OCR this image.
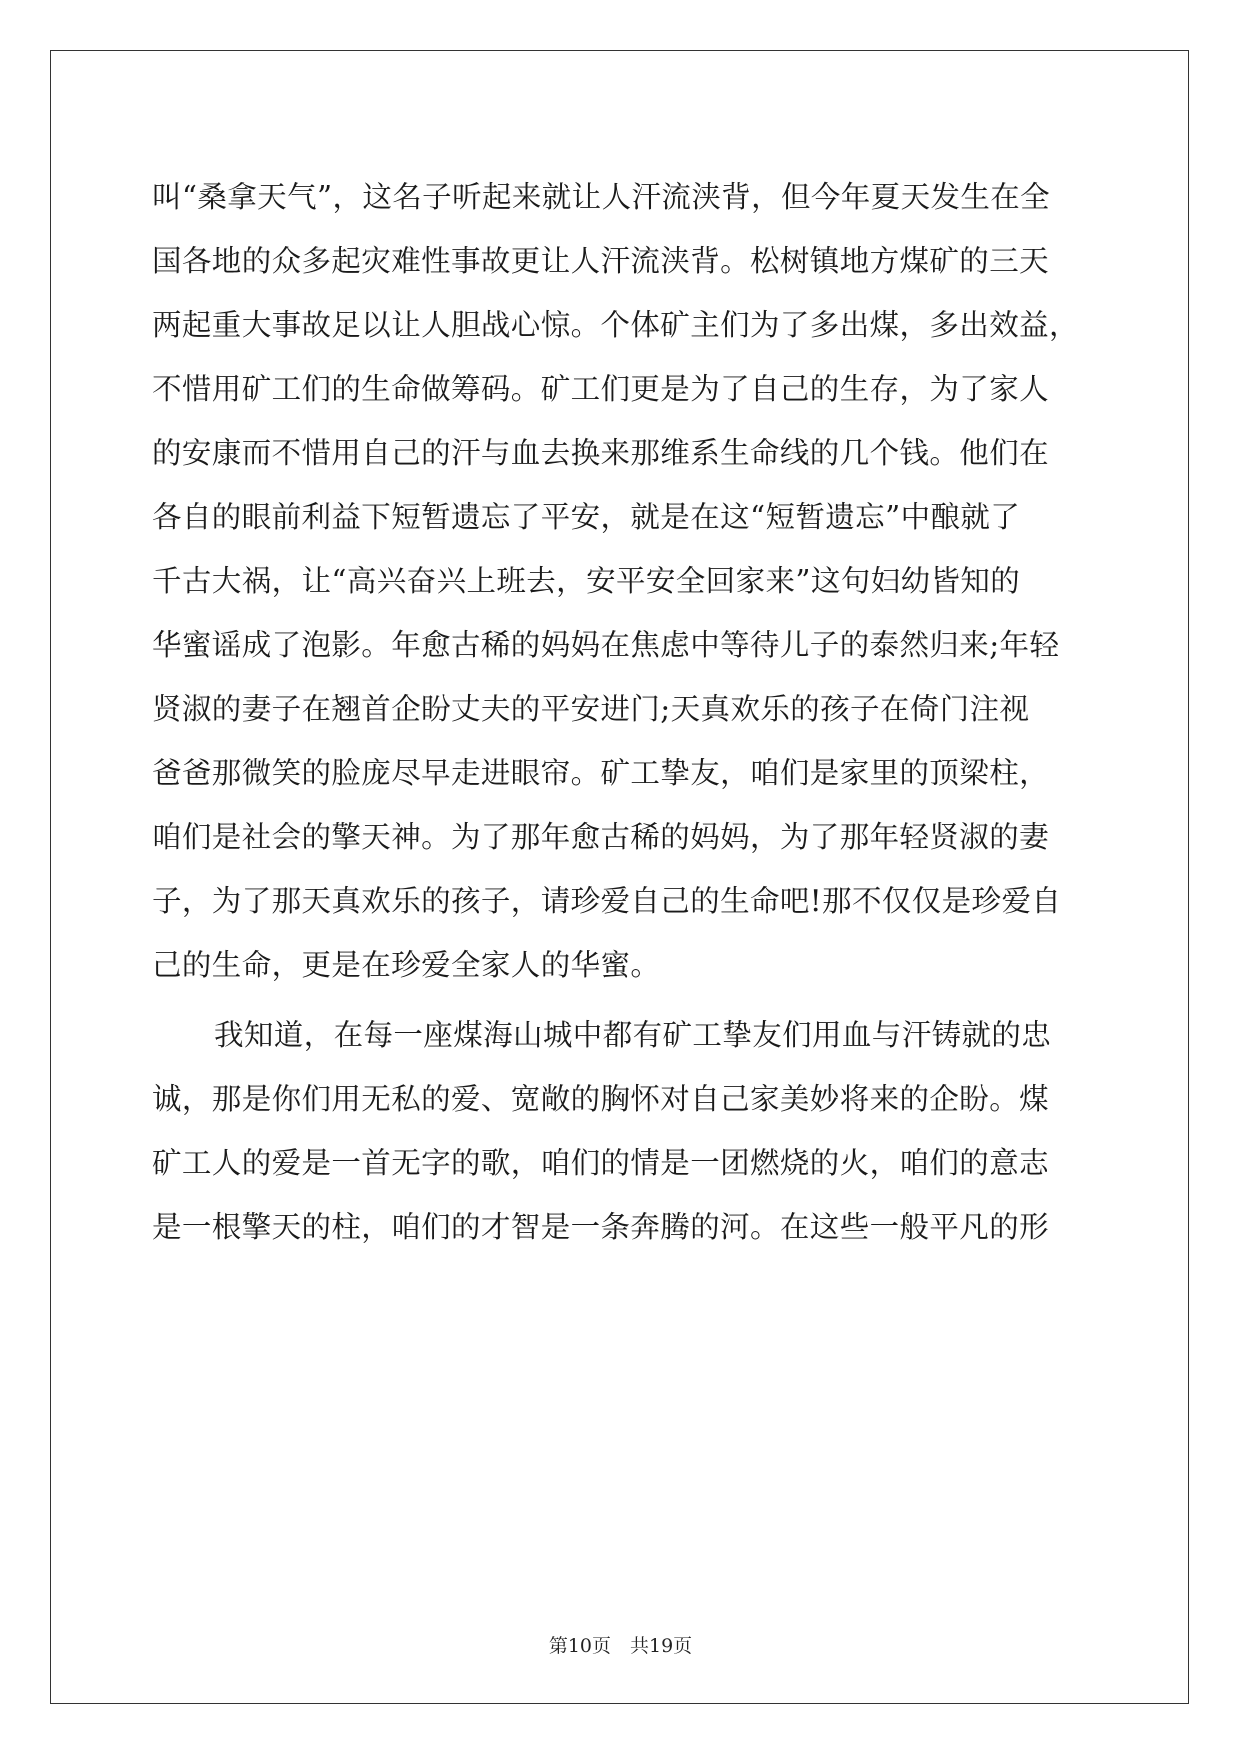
叫“桑拿天气”，这名子听起来就让人汗流浃背，但今年夏天发生在全
国各地的众多起灾难性事故更让人汗流浃背。松树镇地方煤矿的三天
两起重大事故足以让人胆战心惊。个体矿主们为了多出煤，多出效益，
不惜用矿工们的生命做筹码。矿工们更是为了自己的生存，为了家人
的安康而不惜用自己的汗与血去换来那维系生命线的几个钱。他们在
各自的眼前利益下短暂遗忘了平安，就是在这“短暂遗忘”中酿就了
千古大祸，让“高兴奋兴上班去，安平安全回家来”这句妇幼皆知的
华蜜谣成了泡影。年愈古稀的妈妈在焦虑中等待儿子的泰然归来;年轻
贤淑的妻子在翘首企盼丈夫的平安进门;天真欢乐的孩子在倚门注视
爸爸那微笑的脸庞尽早走进眼帘。矿工挚友，咱们是家里的顶梁柱，
咱们是社会的擎天神。为了那年愈古稀的妈妈，为了那年轻贤淑的妻
子，为了那天真欢乐的孩子，请珍爱自己的生命吧!那不仅仅是珍爱自
己的生命，更是在珍爱全家人的华蜜。
我知道，在每一座煤海山城中都有矿工挚友们用血与汗铸就的忠
诚，那是你们用无私的爱、宽敞的胸怀对自己家美妙将来的企盼。煤
矿工人的爱是一首无字的歌，咱们的情是一团燃烧的火，咱们的意志
是一根擎天的柱，咱们的才智是一条奔腾的河。在这些一般平凡的形
第10页　共19页
